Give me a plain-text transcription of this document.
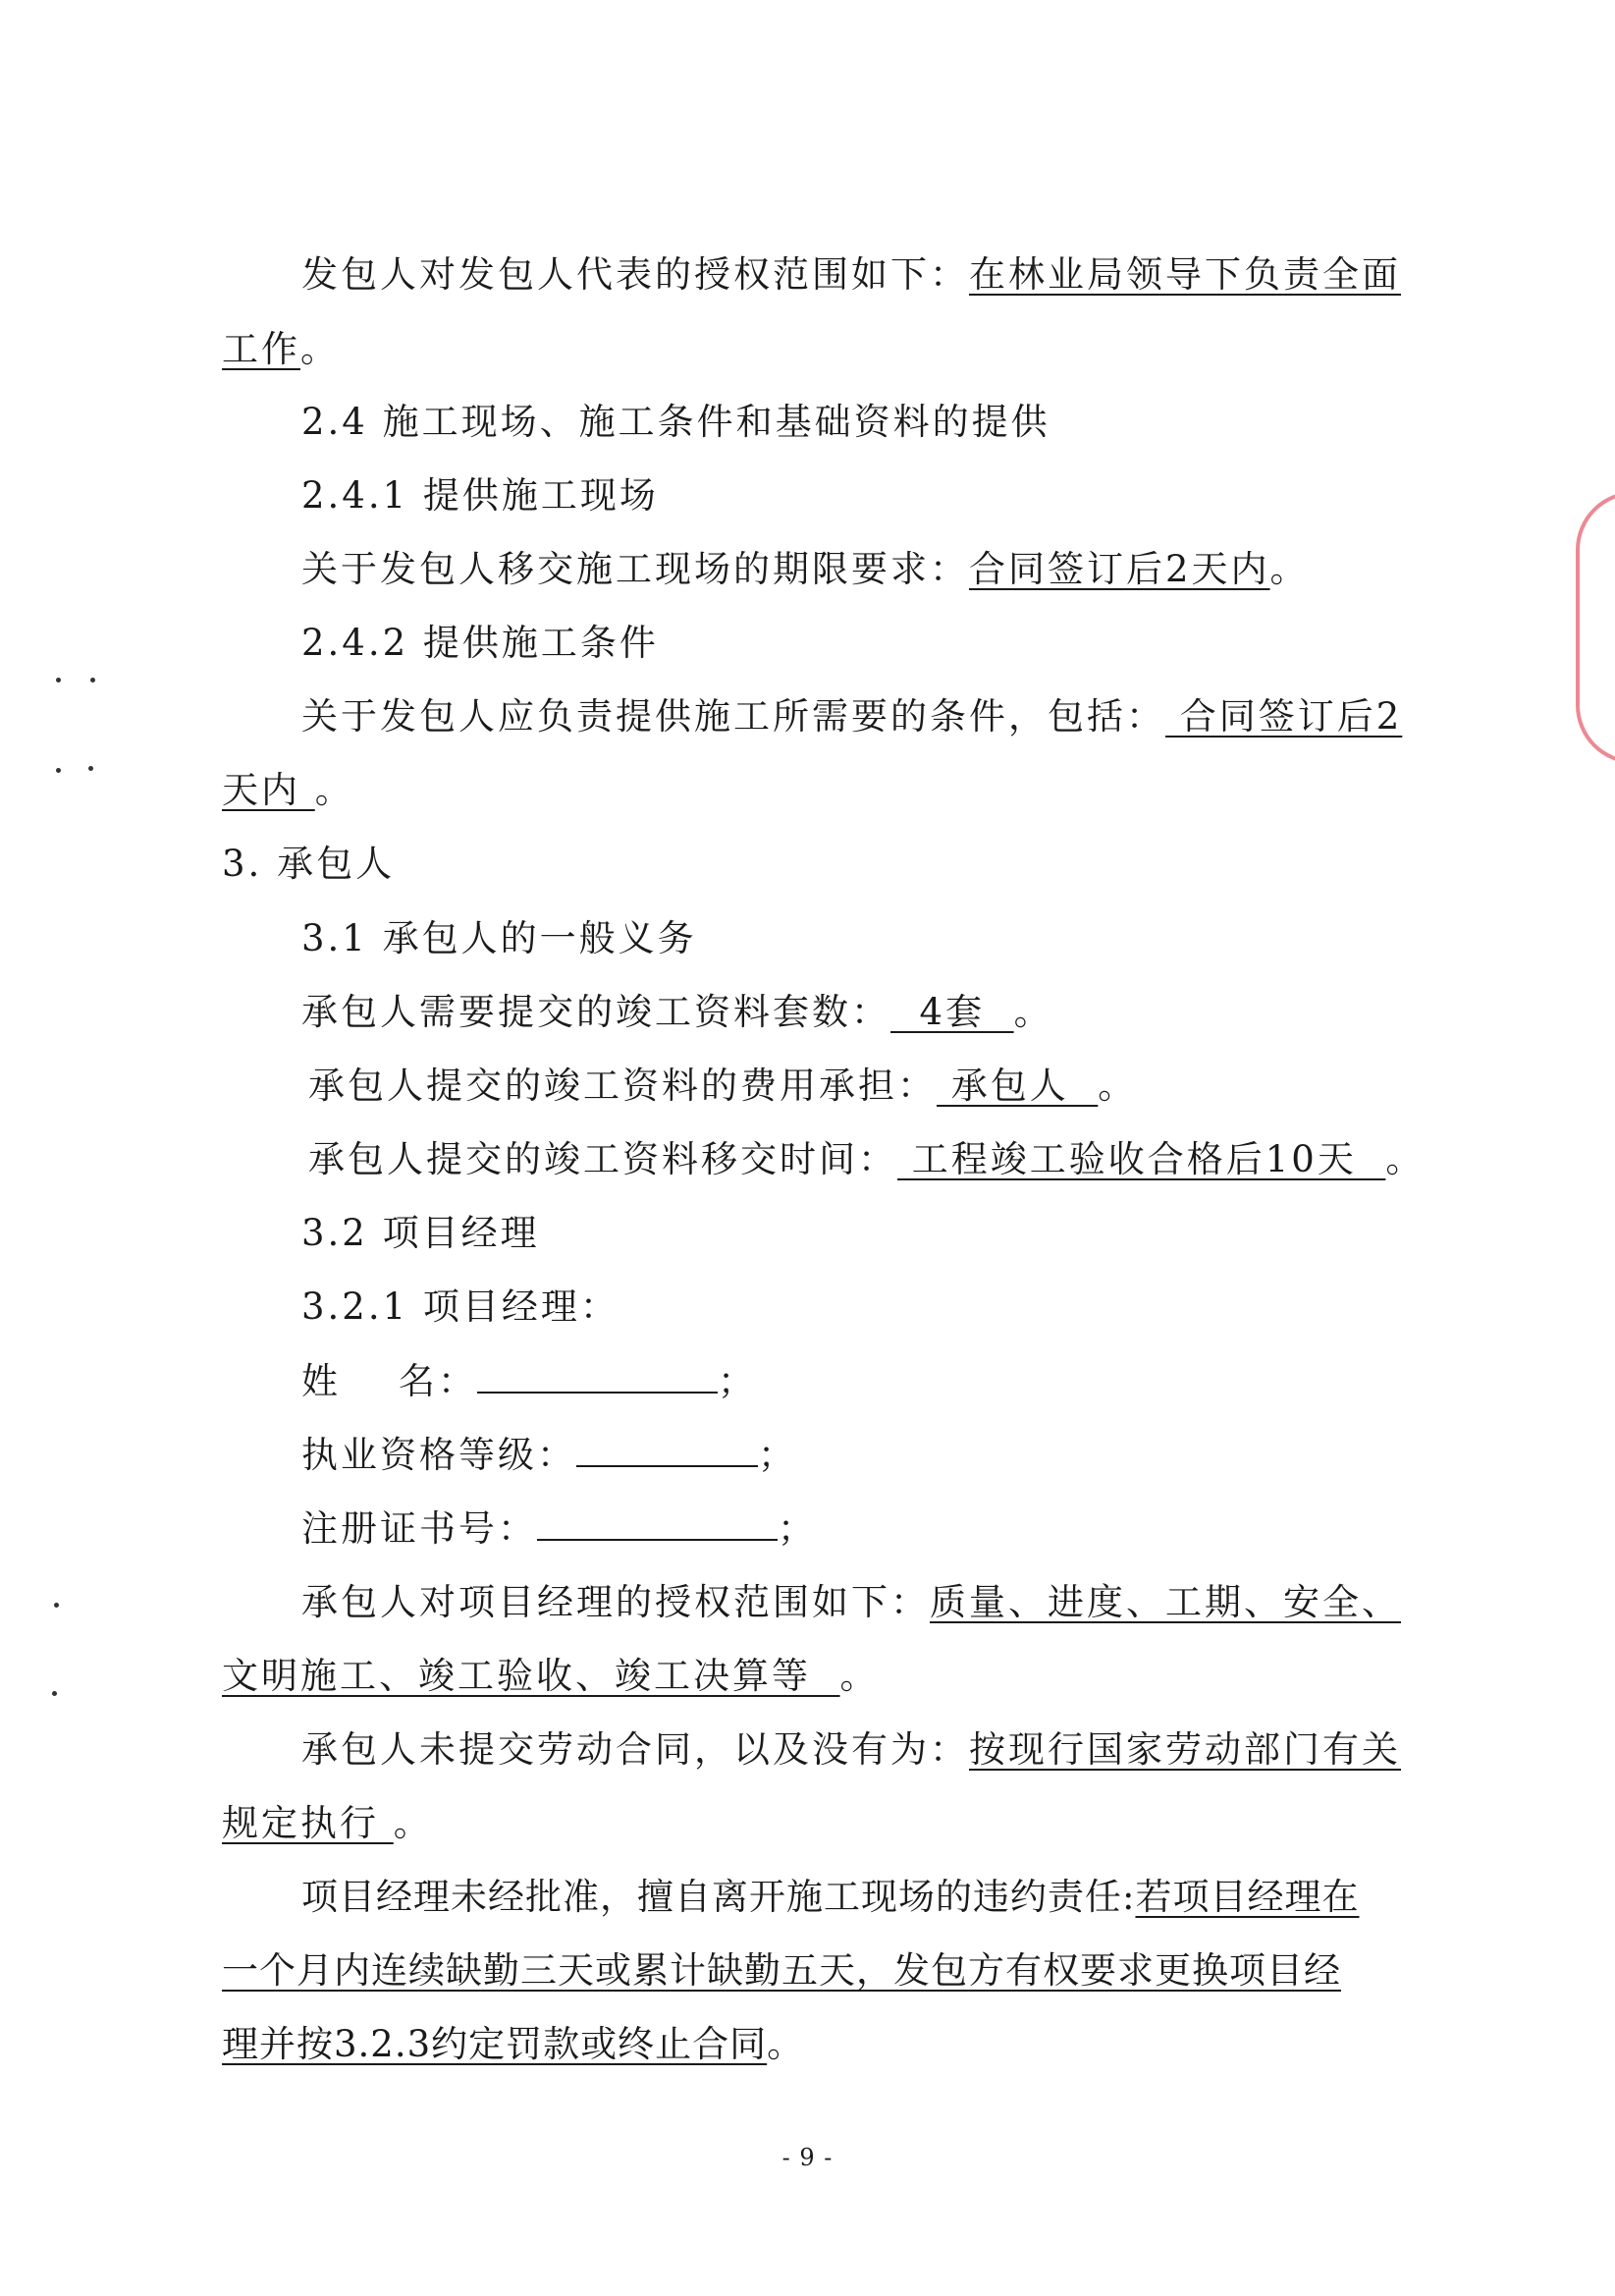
发包人对发包人代表的授权范围如下：在林业局领导下负责全面
工作。
2.4 施工现场、施工条件和基础资料的提供
2.4.1 提供施工现场
关于发包人移交施工现场的期限要求：合同签订后2天内。
2.4.2 提供施工条件
关于发包人应负责提供施工所需要的条件，包括： 合同签订后2
天内 。
3. 承包人
3.1 承包人的一般义务
承包人需要提交的竣工资料套数：  4套  。
承包人提交的竣工资料的费用承担： 承包人  。
承包人提交的竣工资料移交时间： 工程竣工验收合格后10天  。
3.2 项目经理
3.2.1 项目经理：
姓    名：	；
执业资格等级：	；
注册证书号：	；
承包人对项目经理的授权范围如下：质量、进度、工期、安全、
文明施工、竣工验收、竣工决算等  。
承包人未提交劳动合同，以及没有为：按现行国家劳动部门有关
规定执行 。
项目经理未经批准，擅自离开施工现场的违约责任:若项目经理在
一个月内连续缺勤三天或累计缺勤五天，发包方有权要求更换项目经
理并按3.2.3约定罚款或终止合同。
- 9 -
